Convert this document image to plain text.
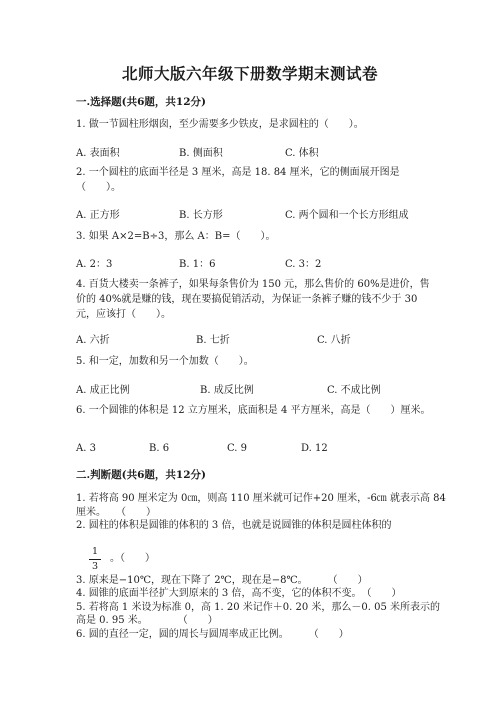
北师大版六年级下册数学期末测试卷
一.选择题(共6题，共12分)
1. 做一节圆柱形烟囱，至少需要多少铁皮，是求圆柱的（　　）。
A. 表面积	B. 侧面积	C. 体积
2. 一个圆柱的底面半径是 3 厘米，高是 18. 84 厘米，它的侧面展开图是（　　）。
A. 正方形	B. 长方形	C. 两个圆和一个长方形组成
3. 如果 A×2=B÷3，那么 A：B=（　　）。
A. 2：3	B. 1：6	C. 3：2
4. 百货大楼卖一条裤子，如果每条售价为 150 元，那么售价的 60%是进价，售价的 40%就是赚的钱，现在要搞促销活动，为保证一条裤子赚的钱不少于 30 元，应该打（　　）。
A. 六折	B. 七折	C. 八折
5. 和一定，加数和另一个加数（　　）。
A. 成正比例	B. 成反比例	C. 不成比例
6. 一个圆锥的体积是 12 立方厘米，底面积是 4 平方厘米，高是（　　）厘米。
A. 3	B. 6	C. 9	D. 12
二.判断题(共6题，共12分)
1. 若将高 90 厘米定为 0㎝，则高 110 厘米就可记作+20 厘米，-6㎝ 就表示高 84
厘米。　　（　　）
2. 圆柱的体积是圆锥的体积的 3 倍，也就是说圆锥的体积是圆柱体积的
1
3
。（　　）
3. 原来是−10℃，现在下降了 2℃，现在是−8℃。　　　（　　）
4. 圆锥的底面半径扩大到原来的 3 倍，高不变，它的体积不变。　（　　）
5. 若将高 1 米设为标准 0，高 1. 20 米记作＋0. 20 米，那么－0. 05 米所表示的
高是 0. 95 米。　　　　（　　）
6. 圆的直径一定，圆的周长与圆周率成正比例。　　　（　　）
